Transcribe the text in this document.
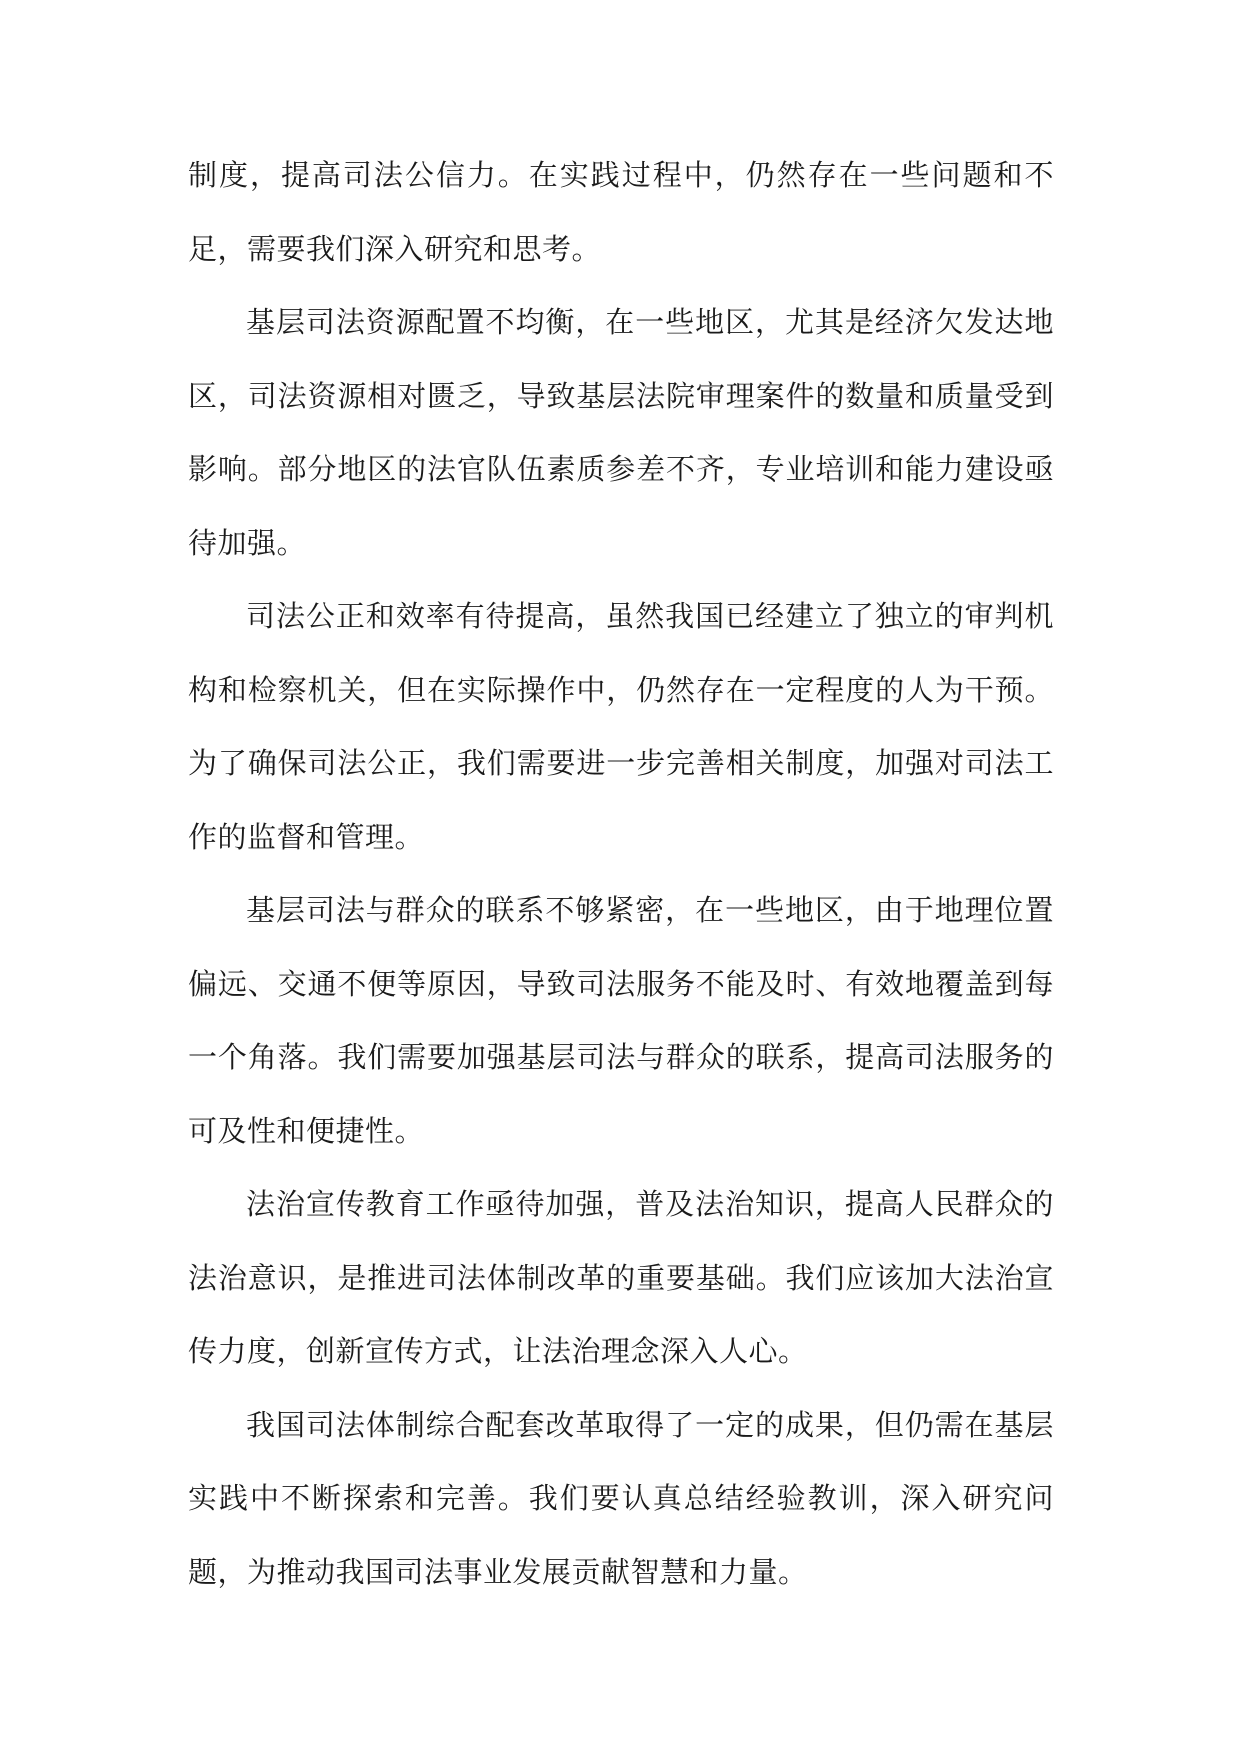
制度，提高司法公信力。在实践过程中，仍然存在一些问题和不足，需要我们深入研究和思考。

基层司法资源配置不均衡，在一些地区，尤其是经济欠发达地区，司法资源相对匮乏，导致基层法院审理案件的数量和质量受到影响。部分地区的法官队伍素质参差不齐，专业培训和能力建设亟待加强。

司法公正和效率有待提高，虽然我国已经建立了独立的审判机构和检察机关，但在实际操作中，仍然存在一定程度的人为干预。为了确保司法公正，我们需要进一步完善相关制度，加强对司法工作的监督和管理。

基层司法与群众的联系不够紧密，在一些地区，由于地理位置偏远、交通不便等原因，导致司法服务不能及时、有效地覆盖到每一个角落。我们需要加强基层司法与群众的联系，提高司法服务的可及性和便捷性。

法治宣传教育工作亟待加强，普及法治知识，提高人民群众的法治意识，是推进司法体制改革的重要基础。我们应该加大法治宣传力度，创新宣传方式，让法治理念深入人心。

我国司法体制综合配套改革取得了一定的成果，但仍需在基层实践中不断探索和完善。我们要认真总结经验教训，深入研究问题，为推动我国司法事业发展贡献智慧和力量。
